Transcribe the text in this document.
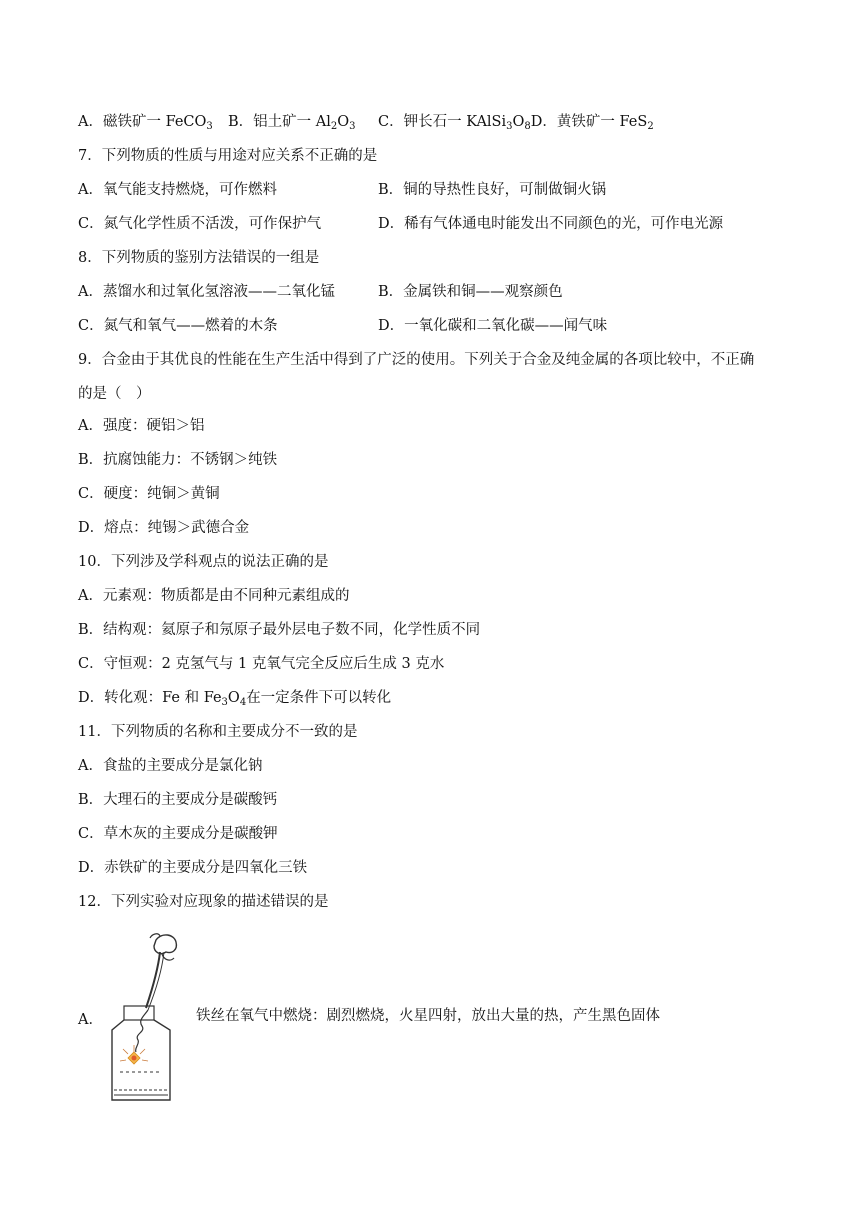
A．磁铁矿一 FeCO$_3$ B．铝土矿一 $Al_2O_3$ C．钾长石一 $KAlSi_3O_8D$．黄铁矿一 FeS$_2$
7．下列物质的性质与用途对应关系不正确的是
A．氧气能支持燃烧，可作燃料	B．铜的导热性良好，可制做铜火锅
C．氮气化学性质不活泼，可作保护气	D．稀有气体通电时能发出不同颜色的光，可作电光源
8．下列物质的鉴别方法错误的一组是
A．蒸馏水和过氧化氢溶液——二氧化锰	B．金属铁和铜——观察颜色
C．氮气和氧气——燃着的木条	D．一氧化碳和二氧化碳——闻气味
9．合金由于其优良的性能在生产生活中得到了广泛的使用。下列关于合金及纯金属的各项比较中，不正确
的是（　）
A．强度：硬铝＞铝
B．抗腐蚀能力：不锈钢＞纯铁
C．硬度：纯铜＞黄铜
D．熔点：纯锡＞武德合金
10．下列涉及学科观点的说法正确的是
A．元素观：物质都是由不同种元素组成的
B．结构观：氦原子和氖原子最外层电子数不同，化学性质不同
C．守恒观：2 克氢气与 1 克氧气完全反应后生成 3 克水
D．转化观：Fe 和 $Fe_3O_4$在一定条件下可以转化
11．下列物质的名称和主要成分不一致的是
A．食盐的主要成分是氯化钠
B．大理石的主要成分是碳酸钙
C．草木灰的主要成分是碳酸钾
D．赤铁矿的主要成分是四氧化三铁
12．下列实验对应现象的描述错误的是
A．	铁丝在氧气中燃烧：剧烈燃烧，火星四射，放出大量的热，产生黑色固体
